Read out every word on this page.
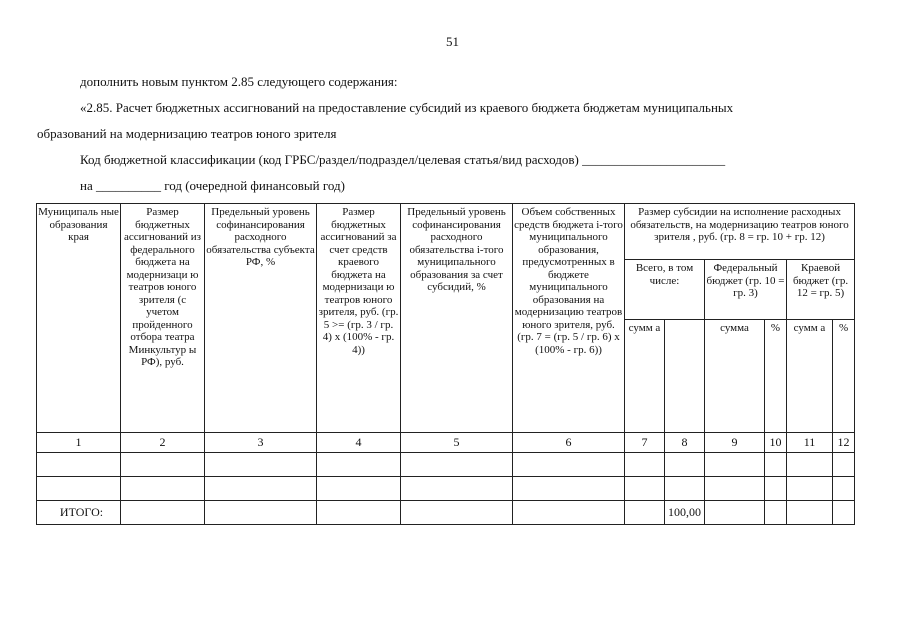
51
дополнить новым пунктом 2.85 следующего содержания:
«2.85. Расчет бюджетных ассигнований на предоставление субсидий из краевого бюджета бюджетам муниципальных
образований на модернизацию театров юного зрителя
Код бюджетной классификации (код ГРБС/раздел/подраздел/целевая статья/вид расходов) ______________________
на __________ год (очередной финансовый год)
Муниципаль ные образования края	Размер бюджетных ассигнований из федерального бюджета на модернизаци ю театров юного зрителя (с учетом пройденного отбора театра Минкультур ы РФ), руб.	Предельный уровень софинансирования расходного обязательства субъекта РФ, %	Размер бюджетных ассигнований за счет средств краевого бюджета на модернизаци ю театров юного зрителя, руб. (гр. 5 >= (гр. 3 / гр. 4) х (100% - гр. 4))	Предельный уровень софинансирования расходного обязательства i-того муниципального образования за счет субсидий, %	Объем собственных средств бюджета i-того муниципального образования, предусмотренных в бюджете муниципального образования на модернизацию театров юного зрителя, руб. (гр. 7 = (гр. 5 / гр. 6) х (100% - гр. 6))	Размер субсидии на исполнение расходных обязательств, на модернизацию театров юного зрителя , руб. (гр. 8 = гр. 10 + гр. 12)					
						Всего, в том числе:		Федеральный бюджет (гр. 10 = гр. 3)		Краевой бюджет (гр. 12 = гр. 5)	
						сумм а		сумма	%	сумм а	%
1	2	3	4	5	6	7	8	9	10	11	12

ИТОГО:							100,00				
